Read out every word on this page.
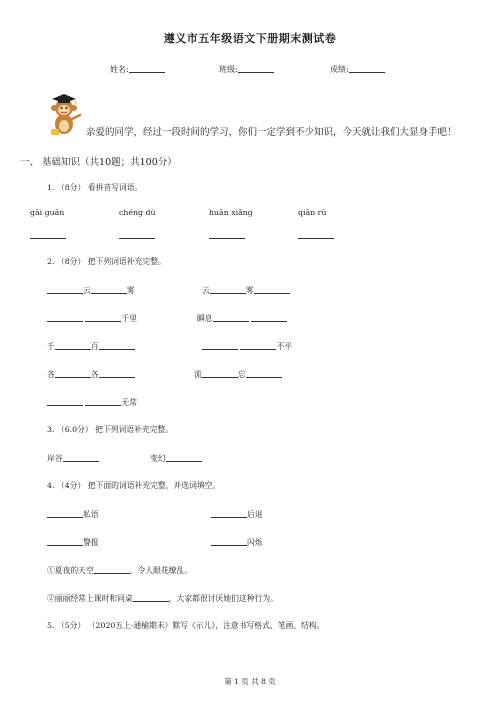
遵义市五年级语文下册期末测试卷
姓名:	班级:	成绩:
亲爱的同学，经过一段时间的学习，你们一定学到不少知识，今天就让我们大显身手吧！
一、 基础知识（共10题；共100分）
1. （8分） 看拼音写词语。
gāi guān	chéng dù	huān xiǎng	qiān rù
2. （8分） 把下列词语补充完整。
云	雾	云	雾
千里	瞬息
千	百	不平
各	各	流	忘
无常
3. （6.0分） 把下列词语补充完整。
岸谷	变幻
4. （4分） 把下面的词语补充完整，并选词填空。
私语	后退
警报	闪烁
①夏夜的天空	，令人眼花缭乱。
②丽丽经常上课时和同桌	，大家都很讨厌她们这种行为。
5. （5分） （2020五上·通榆期末）默写《示儿》，注意书写格式、笔画、结构。
第 1 页 共 8 页
